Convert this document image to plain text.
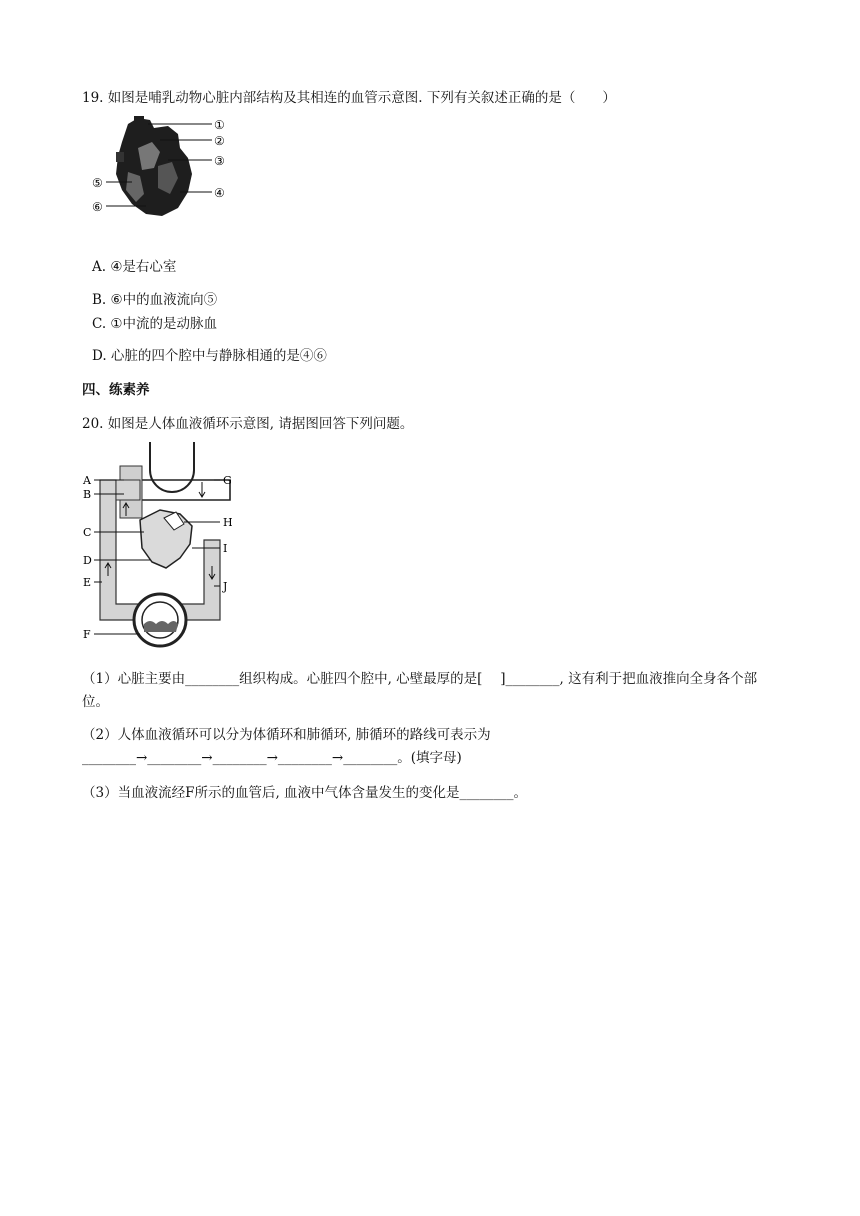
19. 如图是哺乳动物心脏内部结构及其相连的血管示意图. 下列有关叙述正确的是（　　）
①
②
③
④
⑤
⑥
A. ④是右心室
B. ⑥中的血液流向⑤
C. ①中流的是动脉血
D. 心脏的四个腔中与静脉相通的是④⑥
四、练素养
20. 如图是人体血液循环示意图, 请据图回答下列问题。
A
B
C
D
E
F
G
H
I
J
（1）心脏主要由________组织构成。心脏四个腔中, 心壁最厚的是[　 ]________, 这有利于把血液推向全身各个部位。
（2）人体血液循环可以分为体循环和肺循环, 肺循环的路线可表示为________→________→________→________→________。(填字母)
（3）当血液流经F所示的血管后, 血液中气体含量发生的变化是________。
